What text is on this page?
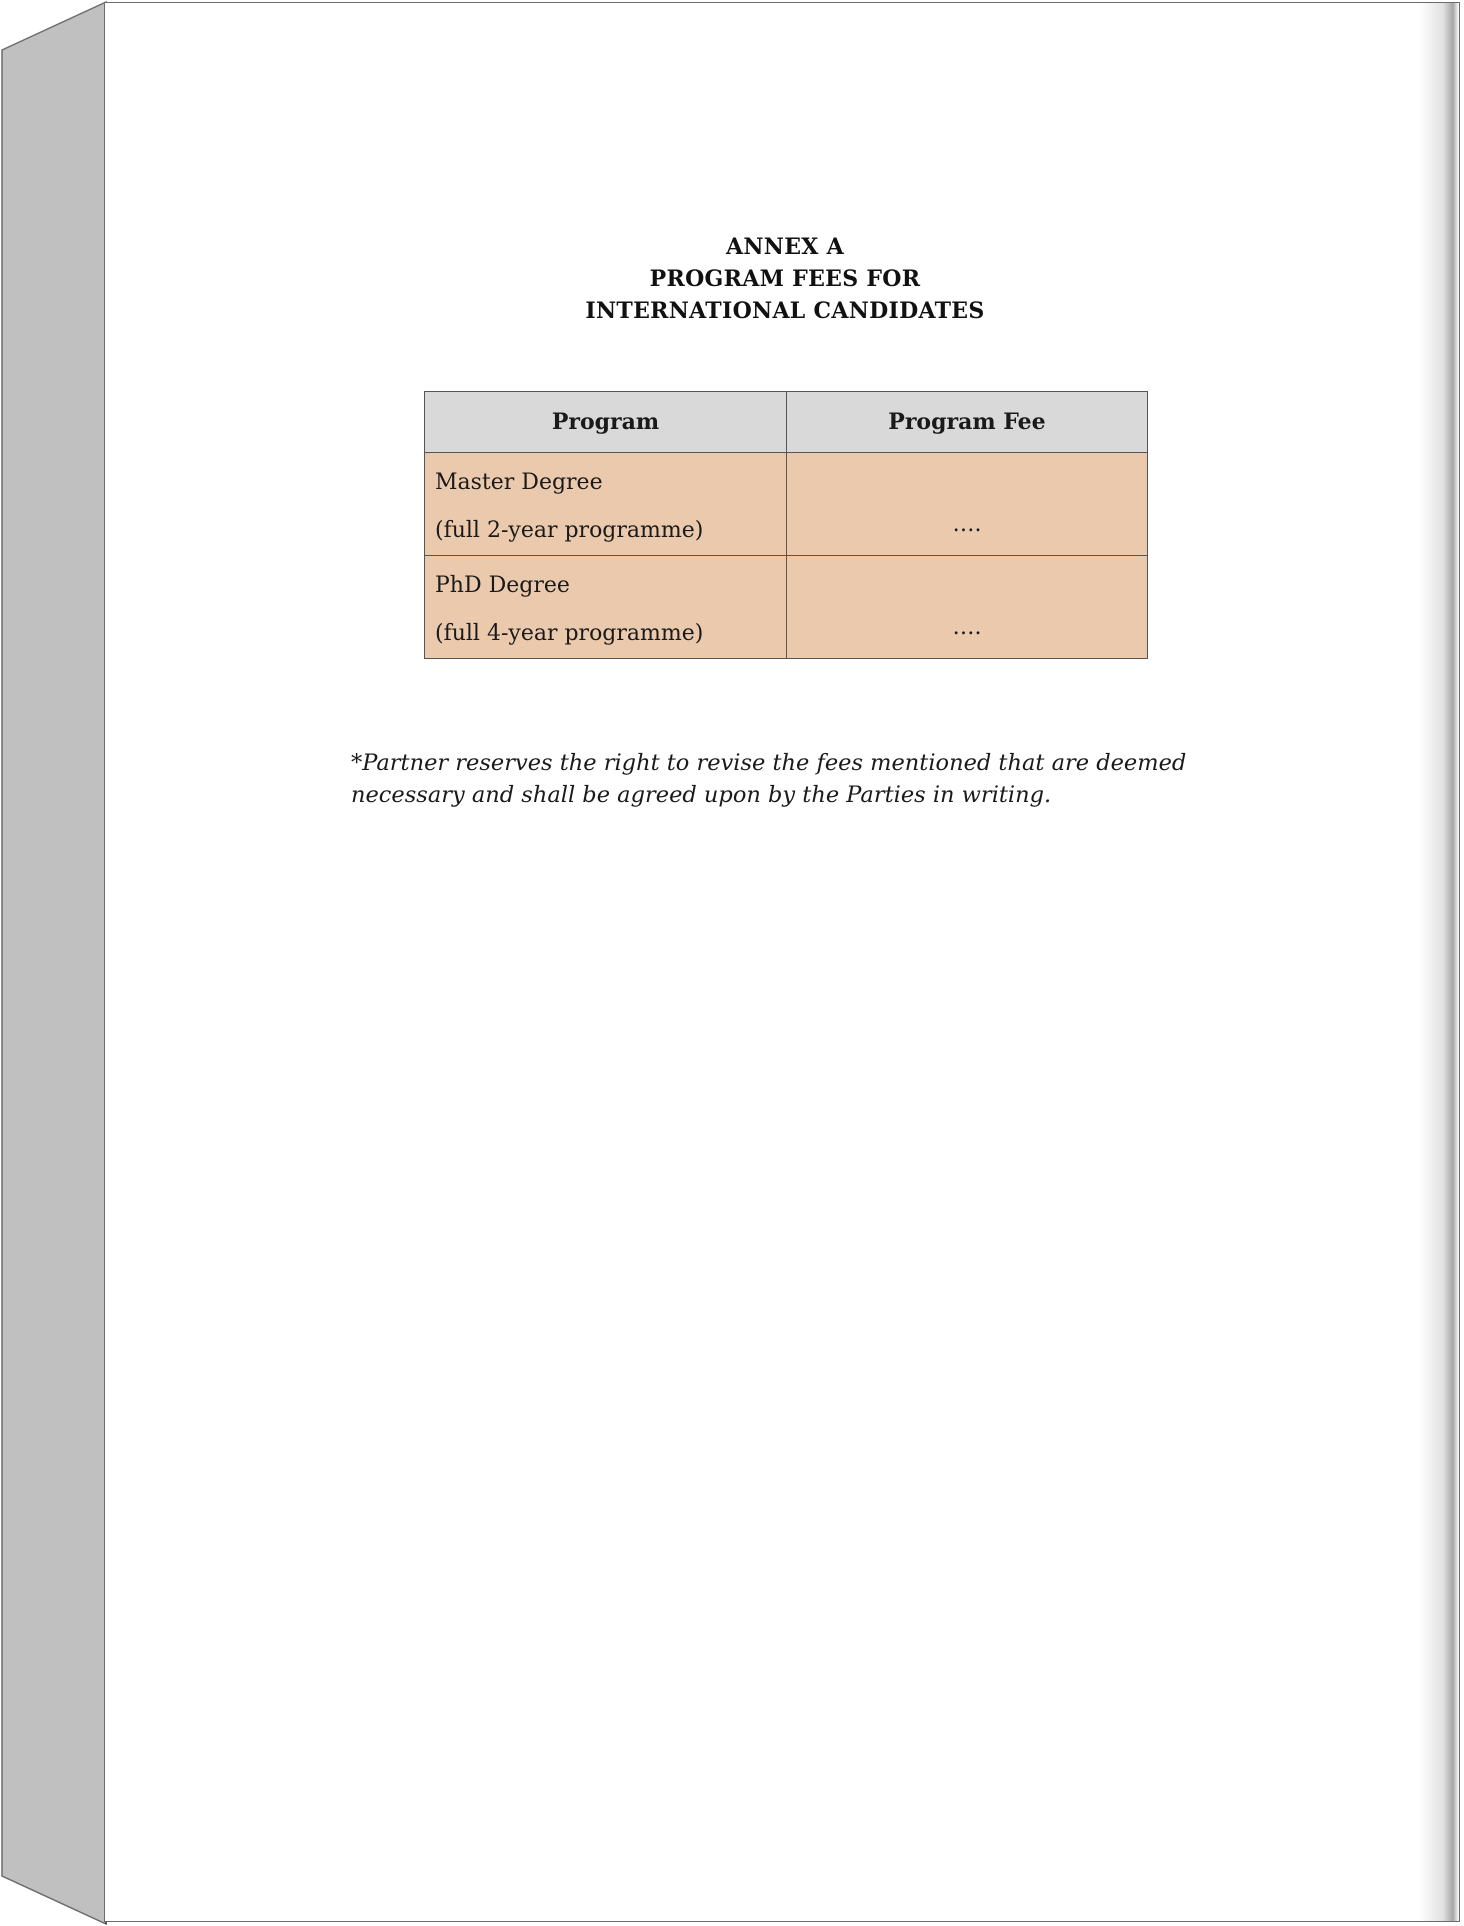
ANNEX A
PROGRAM FEES FOR
INTERNATIONAL CANDIDATES
Program	Program Fee

Master Degree
(full 2-year programme)	….

PhD Degree
(full 4-year programme)	….
*Partner reserves the right to revise the fees mentioned that are deemed
necessary and shall be agreed upon by the Parties in writing.
